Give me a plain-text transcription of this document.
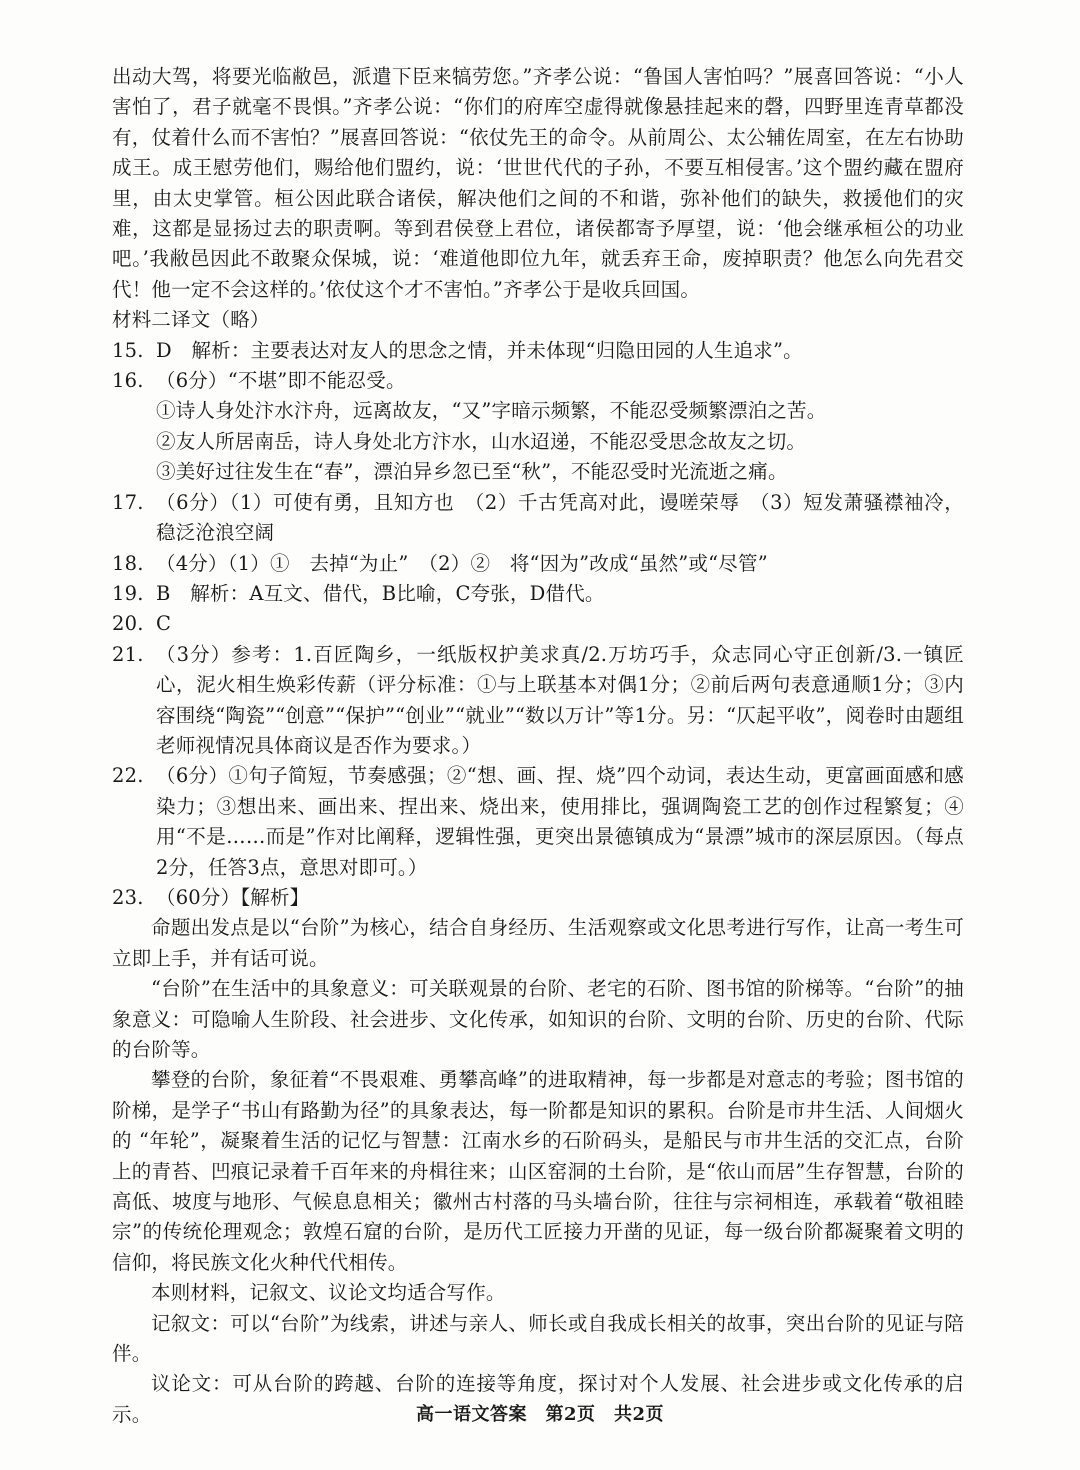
出动大驾，将要光临敝邑，派遣下臣来犒劳您。”齐孝公说：“鲁国人害怕吗？”展喜回答说：“小人害怕了，君子就毫不畏惧。”齐孝公说：“你们的府库空虚得就像悬挂起来的磬，四野里连青草都没有，仗着什么而不害怕？”展喜回答说：“依仗先王的命令。从前周公、太公辅佐周室，在左右协助成王。成王慰劳他们，赐给他们盟约，说：‘世世代代的子孙，不要互相侵害。’这个盟约藏在盟府里，由太史掌管。桓公因此联合诸侯，解决他们之间的不和谐，弥补他们的缺失，救援他们的灾难，这都是显扬过去的职责啊。等到君侯登上君位，诸侯都寄予厚望，说：‘他会继承桓公的功业吧。’我敝邑因此不敢聚众保城，说：‘难道他即位九年，就丢弃王命，废掉职责？他怎么向先君交代！他一定不会这样的。’依仗这个才不害怕。”齐孝公于是收兵回国。

材料二译文（略）

15. D　解析：主要表达对友人的思念之情，并未体现“归隐田园的人生追求”。
16. （6分）“不堪”即不能忍受。

①诗人身处汴水汴舟，远离故友，“又”字暗示频繁，不能忍受频繁漂泊之苦。

②友人所居南岳，诗人身处北方汴水，山水迢递，不能忍受思念故友之切。

③美好过往发生在“春”，漂泊异乡忽已至“秋”，不能忍受时光流逝之痛。

17. （6分）（1）可使有勇，且知方也　（2）千古凭高对此，谩嗟荣辱　（3）短发萧骚襟袖冷，稳泛沧浪空阔
18. （4分）（1）①　去掉“为止”　（2）②　将“因为”改成“虽然”或“尽管”
19. B　解析：A互文、借代，B比喻，C夸张，D借代。
20. C
21. （3分）参考：1.百匠陶乡，一纸版权护美求真/2.万坊巧手，众志同心守正创新/3.一镇匠心，泥火相生焕彩传薪（评分标准：①与上联基本对偶1分；②前后两句表意通顺1分；③内容围绕“陶瓷”“创意”“保护”“创业”“就业”“数以万计”等1分。另：“仄起平收”，阅卷时由题组老师视情况具体商议是否作为要求。）
22. （6分）①句子简短，节奏感强；②“想、画、捏、烧”四个动词，表达生动，更富画面感和感染力；③想出来、画出来、捏出来、烧出来，使用排比，强调陶瓷工艺的创作过程繁复；④用“不是……而是”作对比阐释，逻辑性强，更突出景德镇成为“景漂”城市的深层原因。（每点2分，任答3点，意思对即可。）
23. （60分）【解析】

命题出发点是以“台阶”为核心，结合自身经历、生活观察或文化思考进行写作，让高一考生可立即上手，并有话可说。

“台阶”在生活中的具象意义：可关联观景的台阶、老宅的石阶、图书馆的阶梯等。“台阶”的抽象意义：可隐喻人生阶段、社会进步、文化传承，如知识的台阶、文明的台阶、历史的台阶、代际的台阶等。

攀登的台阶，象征着“不畏艰难、勇攀高峰”的进取精神，每一步都是对意志的考验；图书馆的阶梯，是学子“书山有路勤为径”的具象表达，每一阶都是知识的累积。台阶是市井生活、人间烟火的 “年轮”，凝聚着生活的记忆与智慧：江南水乡的石阶码头，是船民与市井生活的交汇点，台阶上的青苔、凹痕记录着千百年来的舟楫往来；山区窑洞的土台阶，是“依山而居”生存智慧，台阶的高低、坡度与地形、气候息息相关；徽州古村落的马头墙台阶，往往与宗祠相连，承载着“敬祖睦宗”的传统伦理观念；敦煌石窟的台阶，是历代工匠接力开凿的见证，每一级台阶都凝聚着文明的信仰，将民族文化火种代代相传。

本则材料，记叙文、议论文均适合写作。

记叙文：可以“台阶”为线索，讲述与亲人、师长或自我成长相关的故事，突出台阶的见证与陪伴。

议论文：可从台阶的跨越、台阶的连接等角度，探讨对个人发展、社会进步或文化传承的启示。	高一语文答案　第2页　共2页
